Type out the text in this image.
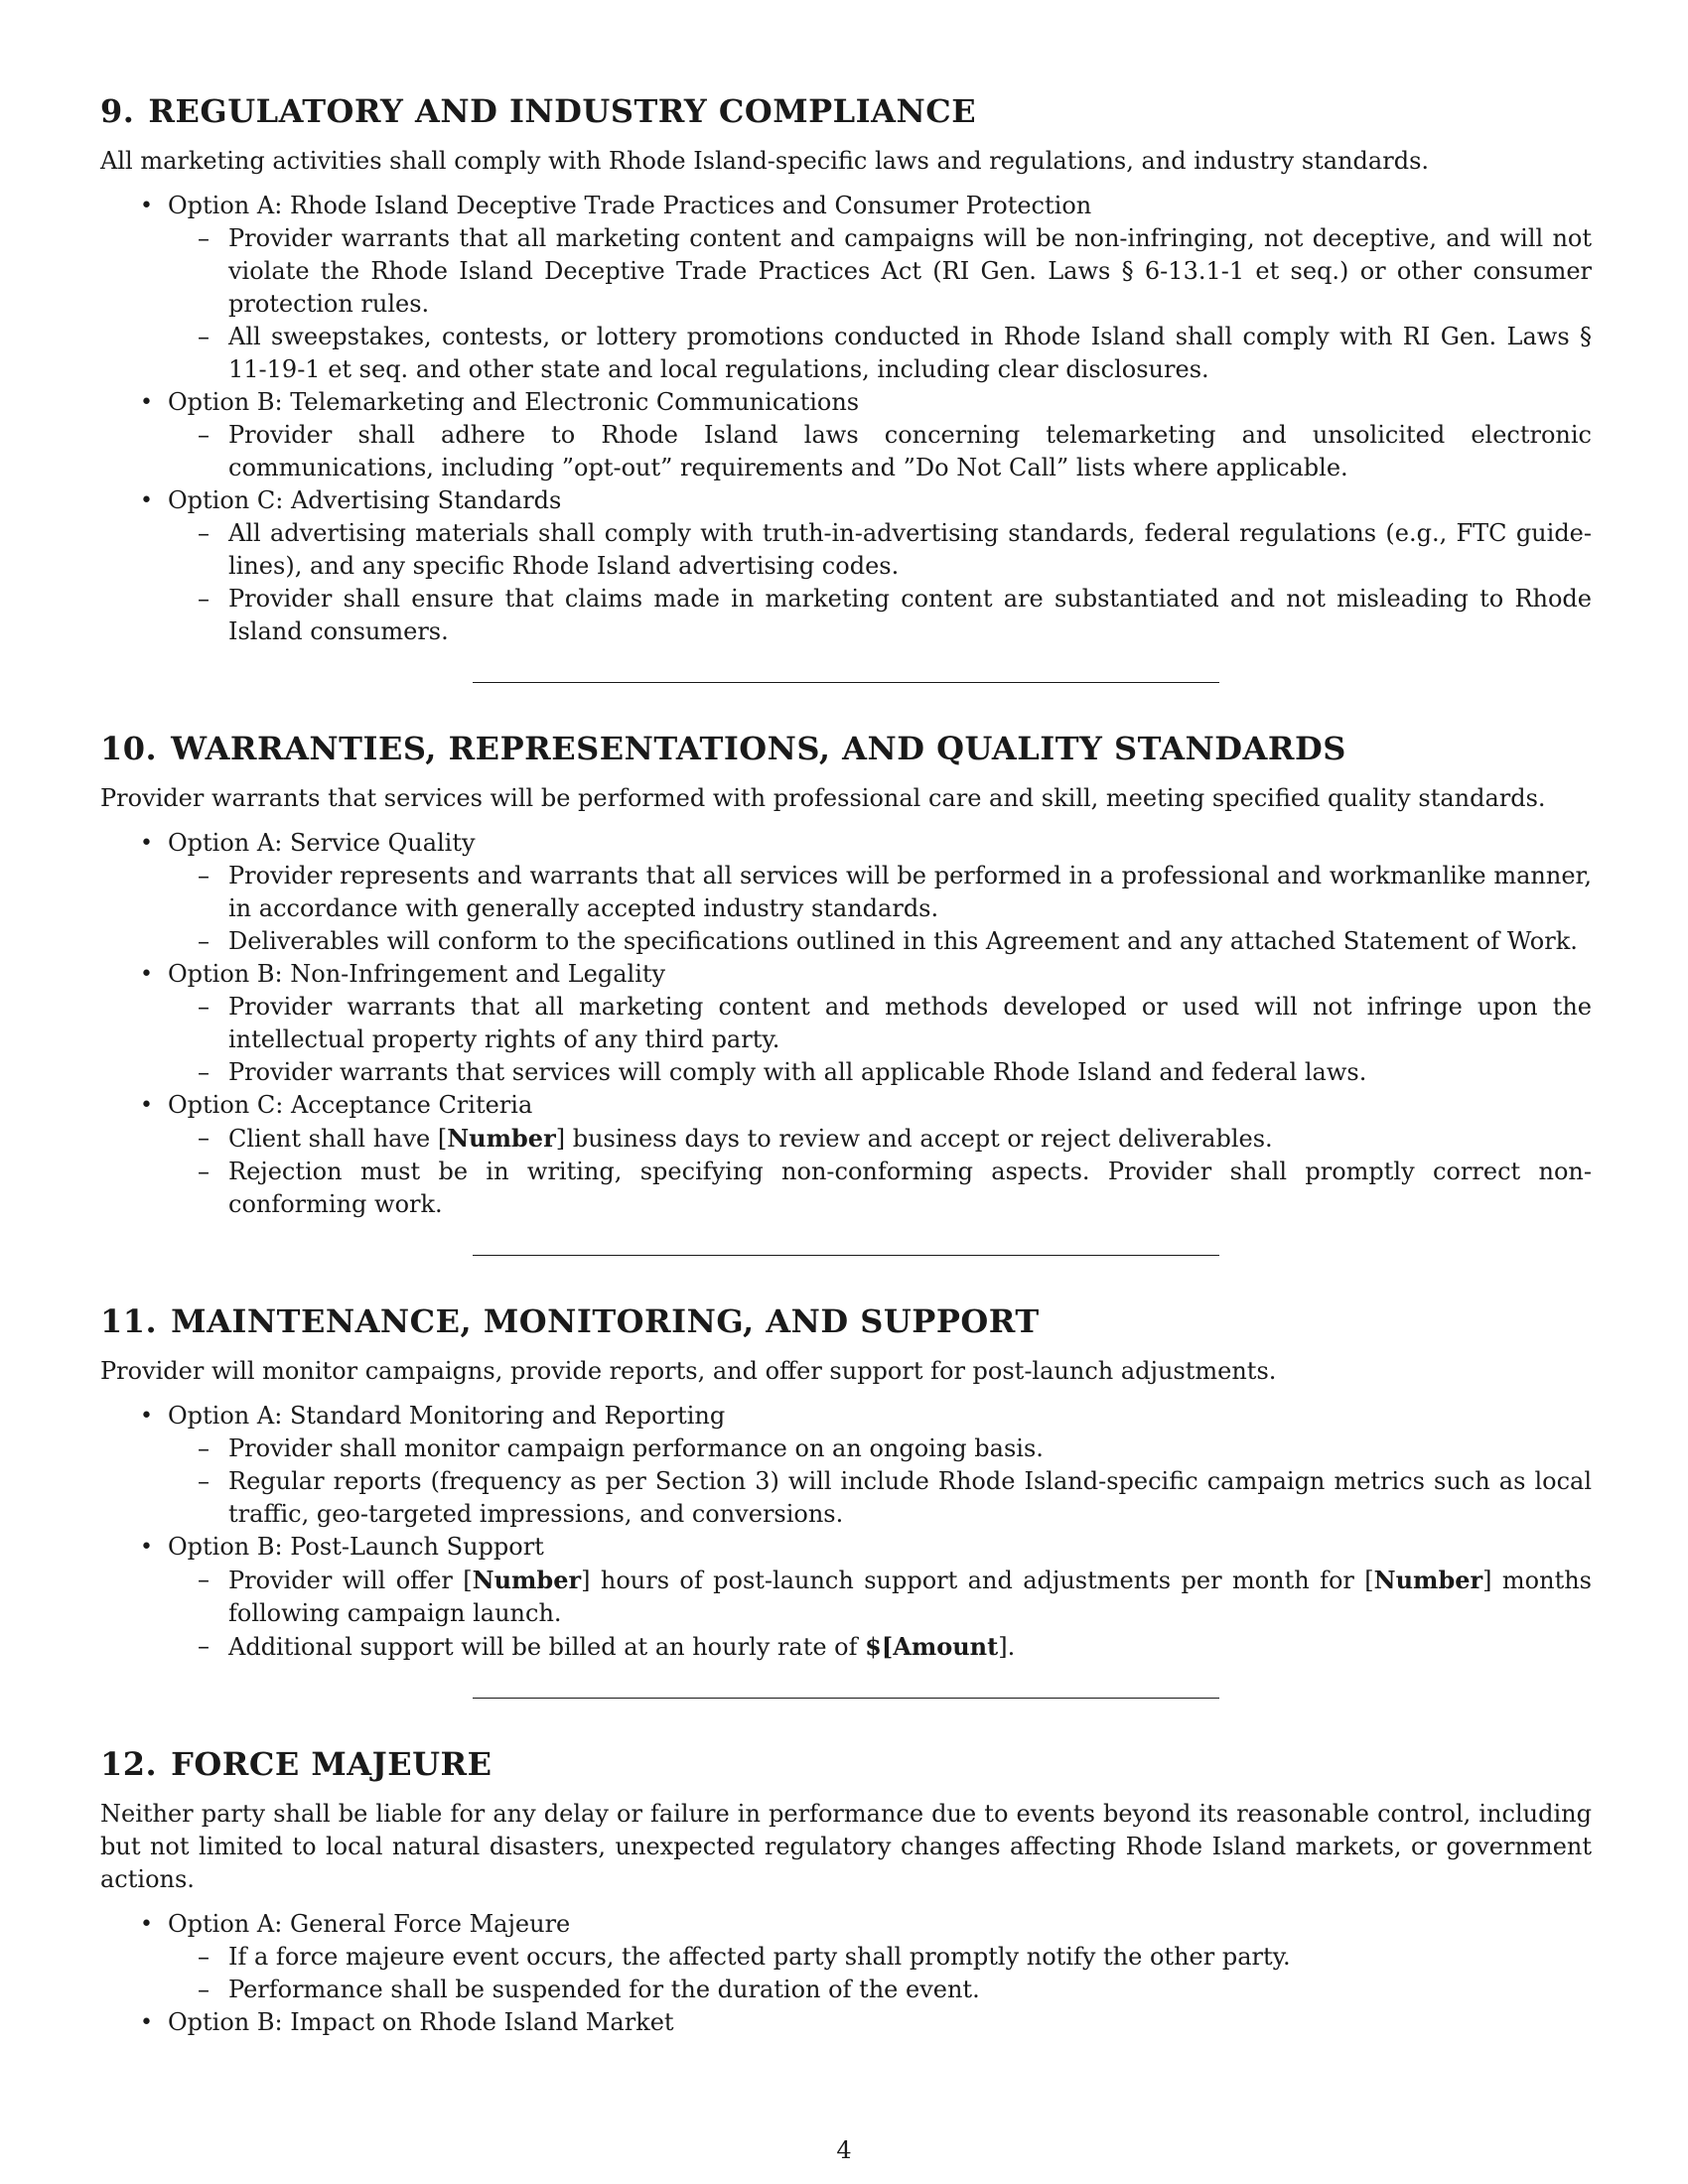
9. REGULATORY AND INDUSTRY COMPLIANCE

All marketing activities shall comply with Rhode Island-specific laws and regulations, and industry standards.

• Option A: Rhode Island Deceptive Trade Practices and Consumer Protection
– Provider warrants that all marketing content and campaigns will be non-infringing, not deceptive, and will not violate the Rhode Island Deceptive Trade Practices Act (RI Gen. Laws § 6-13.1-1 et seq.) or other consumer protection rules.
– All sweepstakes, contests, or lottery promotions conducted in Rhode Island shall comply with RI Gen. Laws § 11-19-1 et seq. and other state and local regulations, including clear disclosures.
• Option B: Telemarketing and Electronic Communications
– Provider shall adhere to Rhode Island laws concerning telemarketing and unsolicited electronic communications, including ”opt-out” requirements and ”Do Not Call” lists where applicable.
• Option C: Advertising Standards
– All advertising materials shall comply with truth-in-advertising standards, federal regulations (e.g., FTC guide-lines), and any specific Rhode Island advertising codes.
– Provider shall ensure that claims made in marketing content are substantiated and not misleading to Rhode Island consumers.
10. WARRANTIES, REPRESENTATIONS, AND QUALITY STANDARDS

Provider warrants that services will be performed with professional care and skill, meeting specified quality standards.

• Option A: Service Quality
– Provider represents and warrants that all services will be performed in a professional and workmanlike manner, in accordance with generally accepted industry standards.
– Deliverables will conform to the specifications outlined in this Agreement and any attached Statement of Work.
• Option B: Non-Infringement and Legality
– Provider warrants that all marketing content and methods developed or used will not infringe upon the intellectual property rights of any third party.
– Provider warrants that services will comply with all applicable Rhode Island and federal laws.
• Option C: Acceptance Criteria
– Client shall have [Number] business days to review and accept or reject deliverables.
– Rejection must be in writing, specifying non-conforming aspects. Provider shall promptly correct non-conforming work.
11. MAINTENANCE, MONITORING, AND SUPPORT

Provider will monitor campaigns, provide reports, and offer support for post-launch adjustments.

• Option A: Standard Monitoring and Reporting
– Provider shall monitor campaign performance on an ongoing basis.
– Regular reports (frequency as per Section 3) will include Rhode Island-specific campaign metrics such as local traffic, geo-targeted impressions, and conversions.
• Option B: Post-Launch Support
– Provider will offer [Number] hours of post-launch support and adjustments per month for [Number] months following campaign launch.
– Additional support will be billed at an hourly rate of $[Amount].
12. FORCE MAJEURE

Neither party shall be liable for any delay or failure in performance due to events beyond its reasonable control, including but not limited to local natural disasters, unexpected regulatory changes affecting Rhode Island markets, or government actions.

• Option A: General Force Majeure
– If a force majeure event occurs, the affected party shall promptly notify the other party.
– Performance shall be suspended for the duration of the event.
• Option B: Impact on Rhode Island Market
4
